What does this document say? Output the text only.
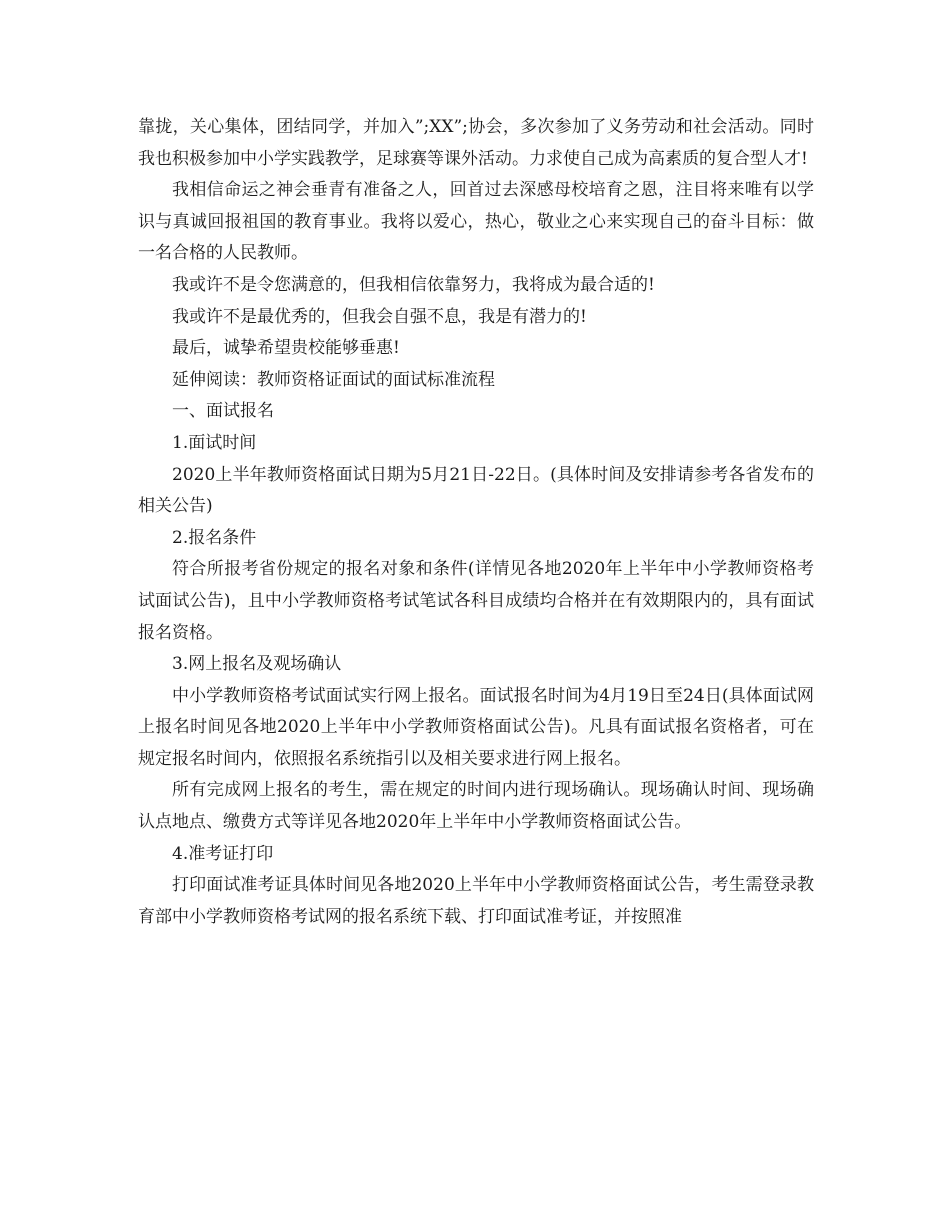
靠拢，关心集体，团结同学，并加入”;XX”;协会，多次参加了义务劳动和社会活动。同时我也积极参加中小学实践教学，足球赛等课外活动。力求使自己成为高素质的复合型人才!

我相信命运之神会垂青有准备之人，回首过去深感母校培育之恩，注目将来唯有以学识与真诚回报祖国的教育事业。我将以爱心，热心，敬业之心来实现自己的奋斗目标：做一名合格的人民教师。

我或许不是令您满意的，但我相信依靠努力，我将成为最合适的!

我或许不是最优秀的，但我会自强不息，我是有潜力的!

最后，诚挚希望贵校能够垂惠!

延伸阅读：教师资格证面试的面试标准流程

一、面试报名

1.面试时间

2020上半年教师资格面试日期为5月21日-22日。(具体时间及安排请参考各省发布的相关公告)

2.报名条件

符合所报考省份规定的报名对象和条件(详情见各地2020年上半年中小学教师资格考试面试公告)，且中小学教师资格考试笔试各科目成绩均合格并在有效期限内的，具有面试报名资格。

3.网上报名及观场确认

中小学教师资格考试面试实行网上报名。面试报名时间为4月19日至24日(具体面试网上报名时间见各地2020上半年中小学教师资格面试公告)。凡具有面试报名资格者，可在规定报名时间内，依照报名系统指引以及相关要求进行网上报名。

所有完成网上报名的考生，需在规定的时间内进行现场确认。现场确认时间、现场确认点地点、缴费方式等详见各地2020年上半年中小学教师资格面试公告。

4.准考证打印

打印面试准考证具体时间见各地2020上半年中小学教师资格面试公告，考生需登录教育部中小学教师资格考试网的报名系统下载、打印面试准考证，并按照准
